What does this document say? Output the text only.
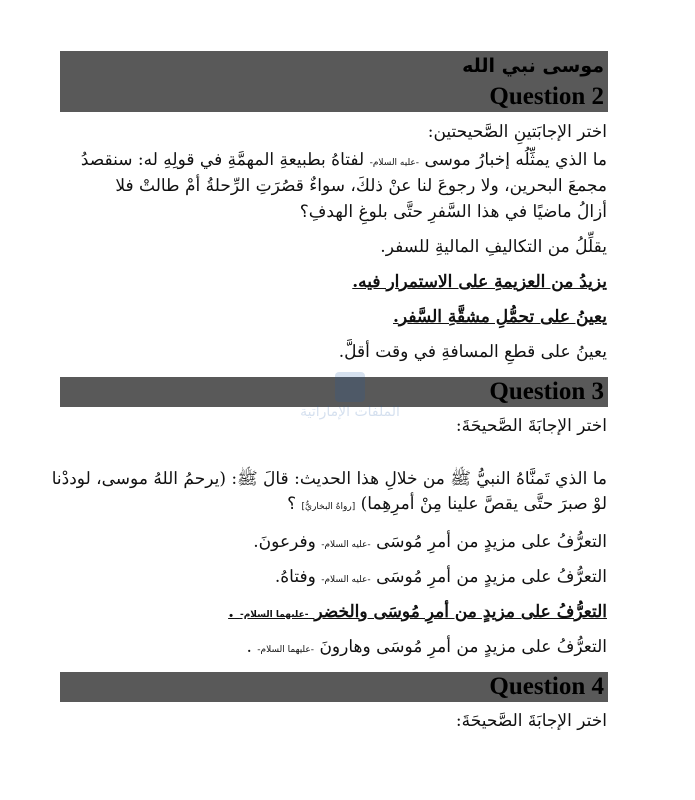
موسى نبي الله
Question 2
اختر الإجابَتينِ الصَّحيحتين:
ما الذي يمثِّلُه إخبارُ موسى -عليه السلام- لفتاهُ بطبيعةِ المهمَّةِ في قولِهِ له: سنقصدُ
مجمعَ البحرين، ولا رجوعَ لنا عنْ ذلكَ، سواءٌ قصُرَتِ الرِّحلةُ أمْ طالتْ فلا
أزالُ ماضيًا في هذا السَّفرِ حتَّى بلوغِ الهدفِ؟
يقلِّلُ من التكاليفِ الماليةِ للسفر.
يزيدُ من العزيمةِ على الاستمرار فيه.
يعينُ على تحمُّلِ مشقَّةِ السَّفر.
يعينُ على قطعِ المسافةِ في وقت أقلَّ.
Question 3
الملفات الإماراتية
اختر الإجابَةَ الصَّحيحَةَ:
ما الذي تَمنَّاهُ النبيُّ ﷺ من خلالِ هذا الحديث: قالَ ﷺ: (يرحمُ اللهُ موسى، لوددْنا
لوْ صبرَ حتَّى يقصَّ علينا مِنْ أمرِهِما) [رواهُ البخاريُّ] ؟
التعرُّفُ على مزيدٍ من أمرِ مُوسَى -عليه السلام- وفرعونَ.
التعرُّفُ على مزيدٍ من أمرِ مُوسَى -عليه السلام- وفتاهُ.
التعرُّفُ على مزيدٍ من أمرِ مُوسَى والخضر -عليهما السلام- .
التعرُّفُ على مزيدٍ من أمرِ مُوسَى وهارونَ -عليهما السلام- .
Question 4
اختر الإجابَةَ الصَّحيحَةَ:
